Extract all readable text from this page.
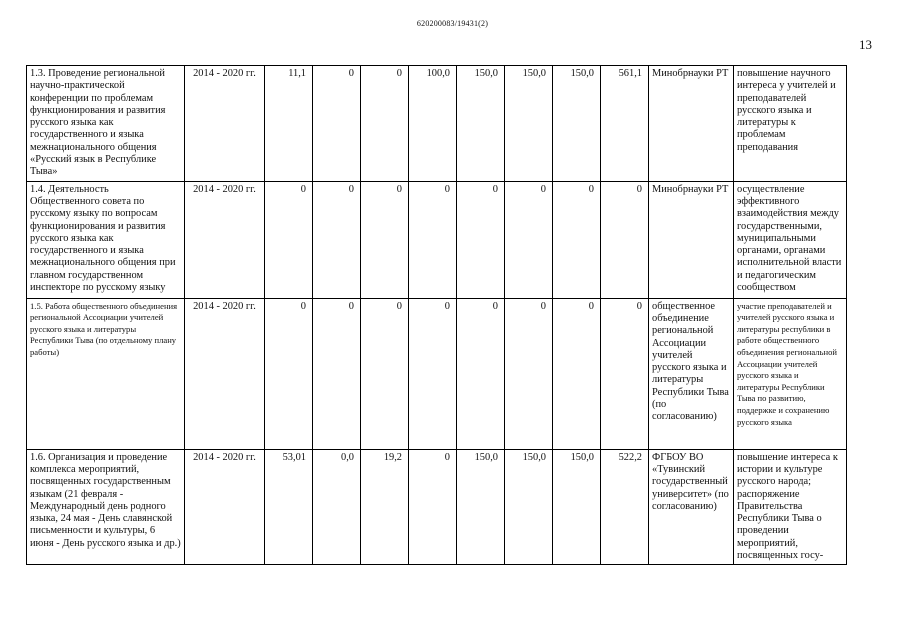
620200083/19431(2)
13
1.3. Проведение региональной научно-практической конференции по проблемам функционирования и развития русского языка как государственного и языка межнационального общения «Русский язык в Республике Тыва»	2014 - 2020 гг.	11,1	0	0	100,0	150,0	150,0	150,0	561,1	Минобрнауки РТ	повышение научного интереса у учителей и преподавателей русского языка и литературы к проблемам преподавания
1.4. Деятельность Общественного совета по русскому языку по вопросам функционирования и развития русского языка как государственного и языка межнационального общения при главном государственном инспекторе по русскому языку	2014 - 2020 гг.	0	0	0	0	0	0	0	0	Минобрнауки РТ	осуществление эффективного взаимодействия между государственными, муниципальными органами, органами исполнительной власти и педагогическим сообществом
1.5. Работа общественного объединения региональной Ассоциации учителей русского языка и литературы Республики Тыва (по отдельному плану работы)	2014 - 2020 гг.	0	0	0	0	0	0	0	0	общественное объединение региональной Ассоциации учителей русского языка и литературы Республики Тыва (по согласованию)	участие преподавателей и учителей русского языка и литературы республики в работе общественного объединения региональной Ассоциации учителей русского языка и литературы Республики Тыва по развитию, поддержке и сохранению русского языка
1.6. Организация и проведение комплекса мероприятий, посвященных государственным языкам (21 февраля - Международный день родного языка, 24 мая - День славянской письменности и культуры, 6 июня - День русского языка и др.)	2014 - 2020 гг.	53,01	0,0	19,2	0	150,0	150,0	150,0	522,2	ФГБОУ ВО «Тувинский государственный университет» (по согласованию)	повышение интереса к истории и культуре русского народа; распоряжение Правительства Республики Тыва о проведении мероприятий, посвященных госу-
